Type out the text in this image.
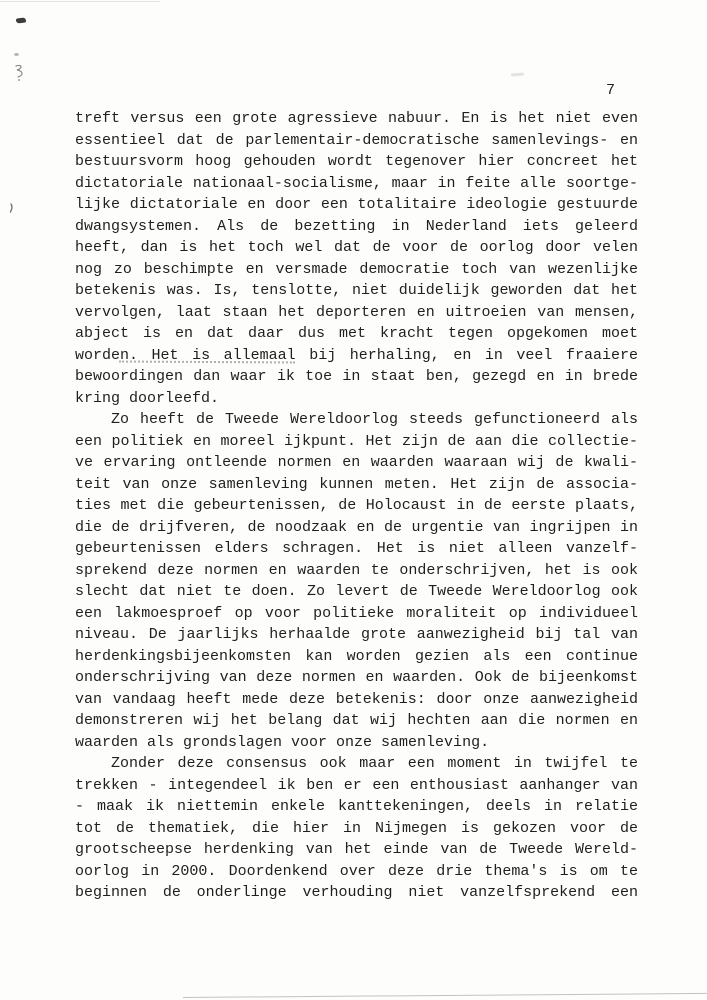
7
treft versus een grote agressieve nabuur. En is het niet even
essentieel dat de parlementair-democratische samenlevings- en
bestuursvorm hoog gehouden wordt tegenover hier concreet het
dictatoriale nationaal-socialisme, maar in feite alle soortge-
lijke dictatoriale en door een totalitaire ideologie gestuurde
dwangsystemen. Als de bezetting in Nederland iets geleerd
heeft, dan is het toch wel dat de voor de oorlog door velen
nog zo beschimpte en versmade democratie toch van wezenlijke
betekenis was. Is, tenslotte, niet duidelijk geworden dat het
vervolgen, laat staan het deporteren en uitroeien van mensen,
abject is en dat daar dus met kracht tegen opgekomen moet
worden. Het is allemaal bij herhaling, en in veel fraaiere
bewoordingen dan waar ik toe in staat ben, gezegd en in brede
kring doorleefd.
Zo heeft de Tweede Wereldoorlog steeds gefunctioneerd als
een politiek en moreel ijkpunt. Het zijn de aan die collectie-
ve ervaring ontleende normen en waarden waaraan wij de kwali-
teit van onze samenleving kunnen meten. Het zijn de associa-
ties met die gebeurtenissen, de Holocaust in de eerste plaats,
die de drijfveren, de noodzaak en de urgentie van ingrijpen in
gebeurtenissen elders schragen. Het is niet alleen vanzelf-
sprekend deze normen en waarden te onderschrijven, het is ook
slecht dat niet te doen. Zo levert de Tweede Wereldoorlog ook
een lakmoesproef op voor politieke moraliteit op individueel
niveau. De jaarlijks herhaalde grote aanwezigheid bij tal van
herdenkingsbijeenkomsten kan worden gezien als een continue
onderschrijving van deze normen en waarden. Ook de bijeenkomst
van vandaag heeft mede deze betekenis: door onze aanwezigheid
demonstreren wij het belang dat wij hechten aan die normen en
waarden als grondslagen voor onze samenleving.
Zonder deze consensus ook maar een moment in twijfel te
trekken - integendeel ik ben er een enthousiast aanhanger van
- maak ik niettemin enkele kanttekeningen, deels in relatie
tot de thematiek, die hier in Nijmegen is gekozen voor de
grootscheepse herdenking van het einde van de Tweede Wereld-
oorlog in 2000. Doordenkend over deze drie thema's is om te
beginnen de onderlinge verhouding niet vanzelfsprekend een
